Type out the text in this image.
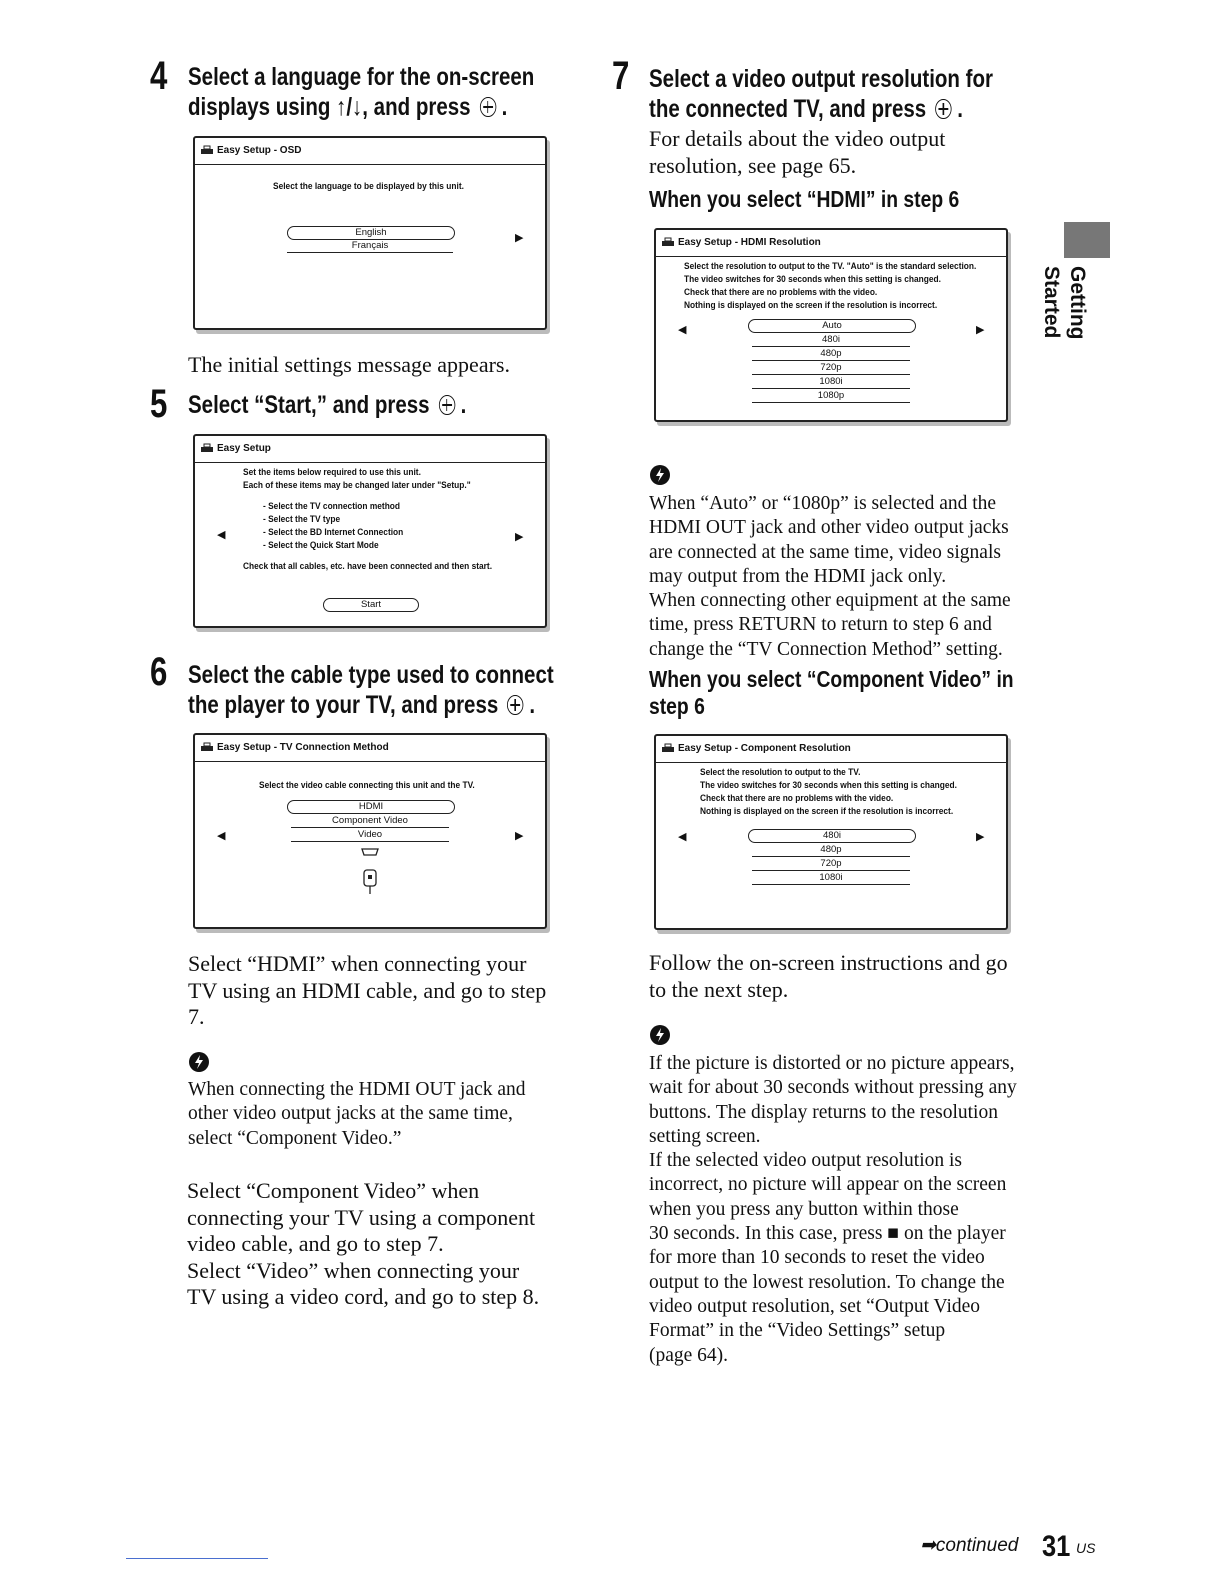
4 Select a language for the on-screen
displays using ↑/↓, and press  .
Easy Setup - OSD
Select the language to be displayed by this unit.
English
Français
▶
The initial settings message appears.
5 Select “Start,” and press  .
Easy Setup
Set the items below required to use this unit.
Each of these items may be changed later under "Setup."
- Select the TV connection method
- Select the TV type
- Select the BD Internet Connection
- Select the Quick Start Mode
Check that all cables, etc. have been connected and then start.
◀	▶
Start
6 Select the cable type used to connect
the player to your TV, and press  .
Easy Setup - TV Connection Method
Select the video cable connecting this unit and the TV.
HDMI
Component Video
Video
◀	▶
Select “HDMI” when connecting your
TV using an HDMI cable, and go to step
7.
When connecting the HDMI OUT jack and
other video output jacks at the same time,
select “Component Video.”
Select “Component Video” when
connecting your TV using a component
video cable, and go to step 7.
Select “Video” when connecting your
TV using a video cord, and go to step 8.
7 Select a video output resolution for
the connected TV, and press  .
For details about the video output
resolution, see page 65.
When you select “HDMI” in step 6
Easy Setup - HDMI Resolution
Select the resolution to output to the TV. "Auto" is the standard selection.
The video switches for 30 seconds when this setting is changed.
Check that there are no problems with the video.
Nothing is displayed on the screen if the resolution is incorrect.
◀	▶
Auto
480i
480p
720p
1080i
1080p
When “Auto” or “1080p” is selected and the
HDMI OUT jack and other video output jacks
are connected at the same time, video signals
may output from the HDMI jack only.
When connecting other equipment at the same
time, press RETURN to return to step 6 and
change the “TV Connection Method” setting.
When you select “Component Video” in
step 6
Easy Setup - Component Resolution
Select the resolution to output to the TV.
The video switches for 30 seconds when this setting is changed.
Check that there are no problems with the video.
Nothing is displayed on the screen if the resolution is incorrect.
◀	▶
480i
480p
720p
1080i
Follow the on-screen instructions and go
to the next step.
If the picture is distorted or no picture appears,
wait for about 30 seconds without pressing any
buttons. The display returns to the resolution
setting screen.
If the selected video output resolution is
incorrect, no picture will appear on the screen
when you press any button within those
30 seconds. In this case, press ■ on the player
for more than 10 seconds to reset the video
output to the lowest resolution. To change the
video output resolution, set “Output Video
Format” in the “Video Settings” setup
(page 64).
Getting Started
➡continued 31 US
